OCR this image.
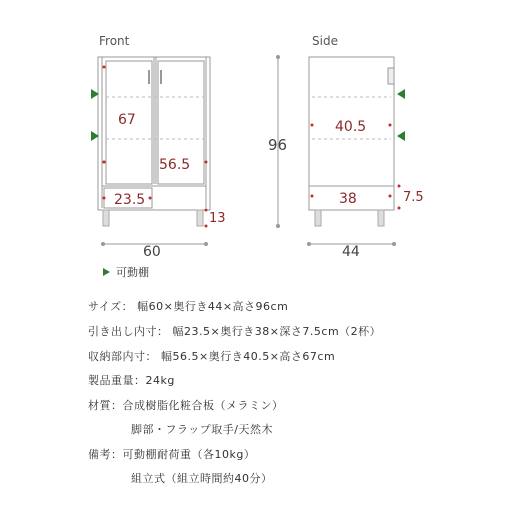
Front
67
56.5
23.5
13
60
96
Side
40.5
38	7.5
44
可動棚
サイズ： 幅60×奥行き44×高さ96cm
引き出し内寸： 幅23.5×奥行き38×深さ7.5cm（2杯）
収納部内寸： 幅56.5×奥行き40.5×高さ67cm
製品重量：24kg
材質：合成樹脂化粧合板（メラミン）
脚部・フラップ取手/天然木
備考：可動棚耐荷重（各10kg）
組立式（組立時間約40分）
